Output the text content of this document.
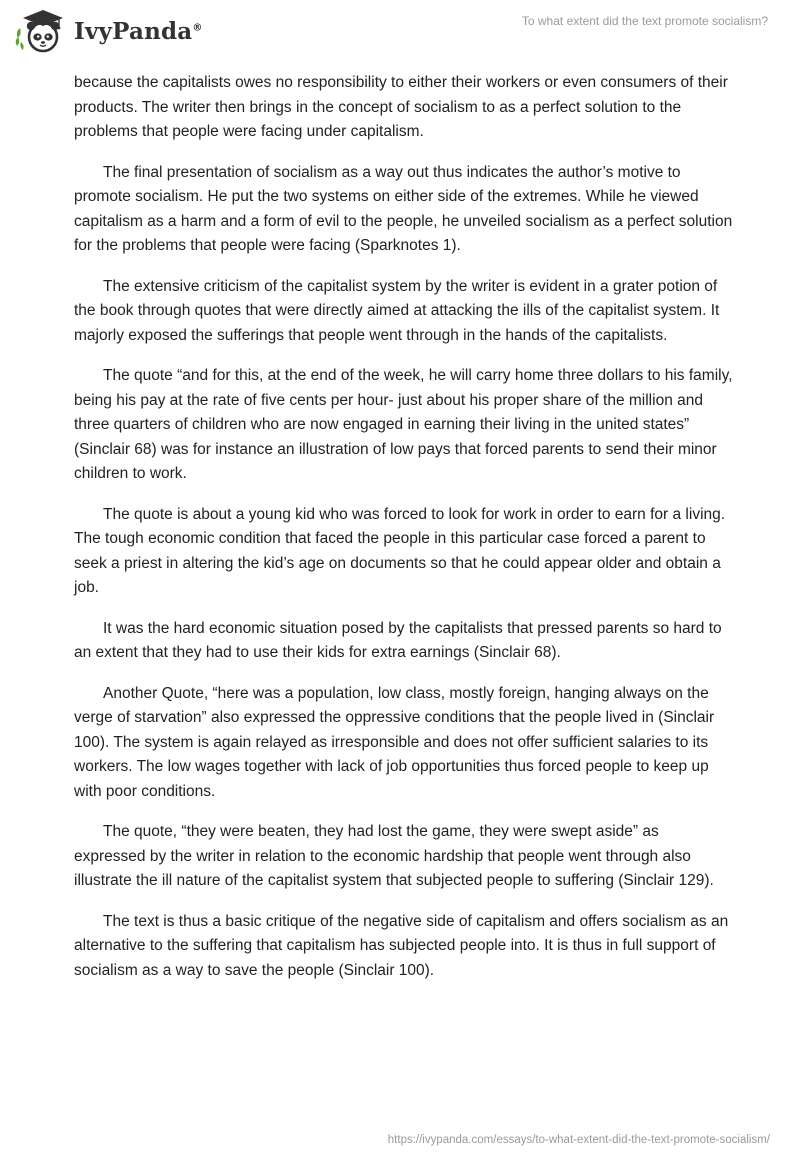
IvyPanda®	To what extent did the text promote socialism?

because the capitalists owes no responsibility to either their workers or even consumers of their products. The writer then brings in the concept of socialism to as a perfect solution to the problems that people were facing under capitalism.

The final presentation of socialism as a way out thus indicates the author’s motive to promote socialism. He put the two systems on either side of the extremes. While he viewed capitalism as a harm and a form of evil to the people, he unveiled socialism as a perfect solution for the problems that people were facing (Sparknotes 1).

The extensive criticism of the capitalist system by the writer is evident in a grater potion of the book through quotes that were directly aimed at attacking the ills of the capitalist system. It majorly exposed the sufferings that people went through in the hands of the capitalists.

The quote “and for this, at the end of the week, he will carry home three dollars to his family, being his pay at the rate of five cents per hour- just about his proper share of the million and three quarters of children who are now engaged in earning their living in the united states” (Sinclair 68) was for instance an illustration of low pays that forced parents to send their minor children to work.

The quote is about a young kid who was forced to look for work in order to earn for a living. The tough economic condition that faced the people in this particular case forced a parent to seek a priest in altering the kid’s age on documents so that he could appear older and obtain a job.

It was the hard economic situation posed by the capitalists that pressed parents so hard to an extent that they had to use their kids for extra earnings (Sinclair 68).

Another Quote, “here was a population, low class, mostly foreign, hanging always on the verge of starvation” also expressed the oppressive conditions that the people lived in (Sinclair 100). The system is again relayed as irresponsible and does not offer sufficient salaries to its workers. The low wages together with lack of job opportunities thus forced people to keep up with poor conditions.

The quote, “they were beaten, they had lost the game, they were swept aside” as expressed by the writer in relation to the economic hardship that people went through also illustrate the ill nature of the capitalist system that subjected people to suffering (Sinclair 129).

The text is thus a basic critique of the negative side of capitalism and offers socialism as an alternative to the suffering that capitalism has subjected people into. It is thus in full support of socialism as a way to save the people (Sinclair 100).

https://ivypanda.com/essays/to-what-extent-did-the-text-promote-socialism/
